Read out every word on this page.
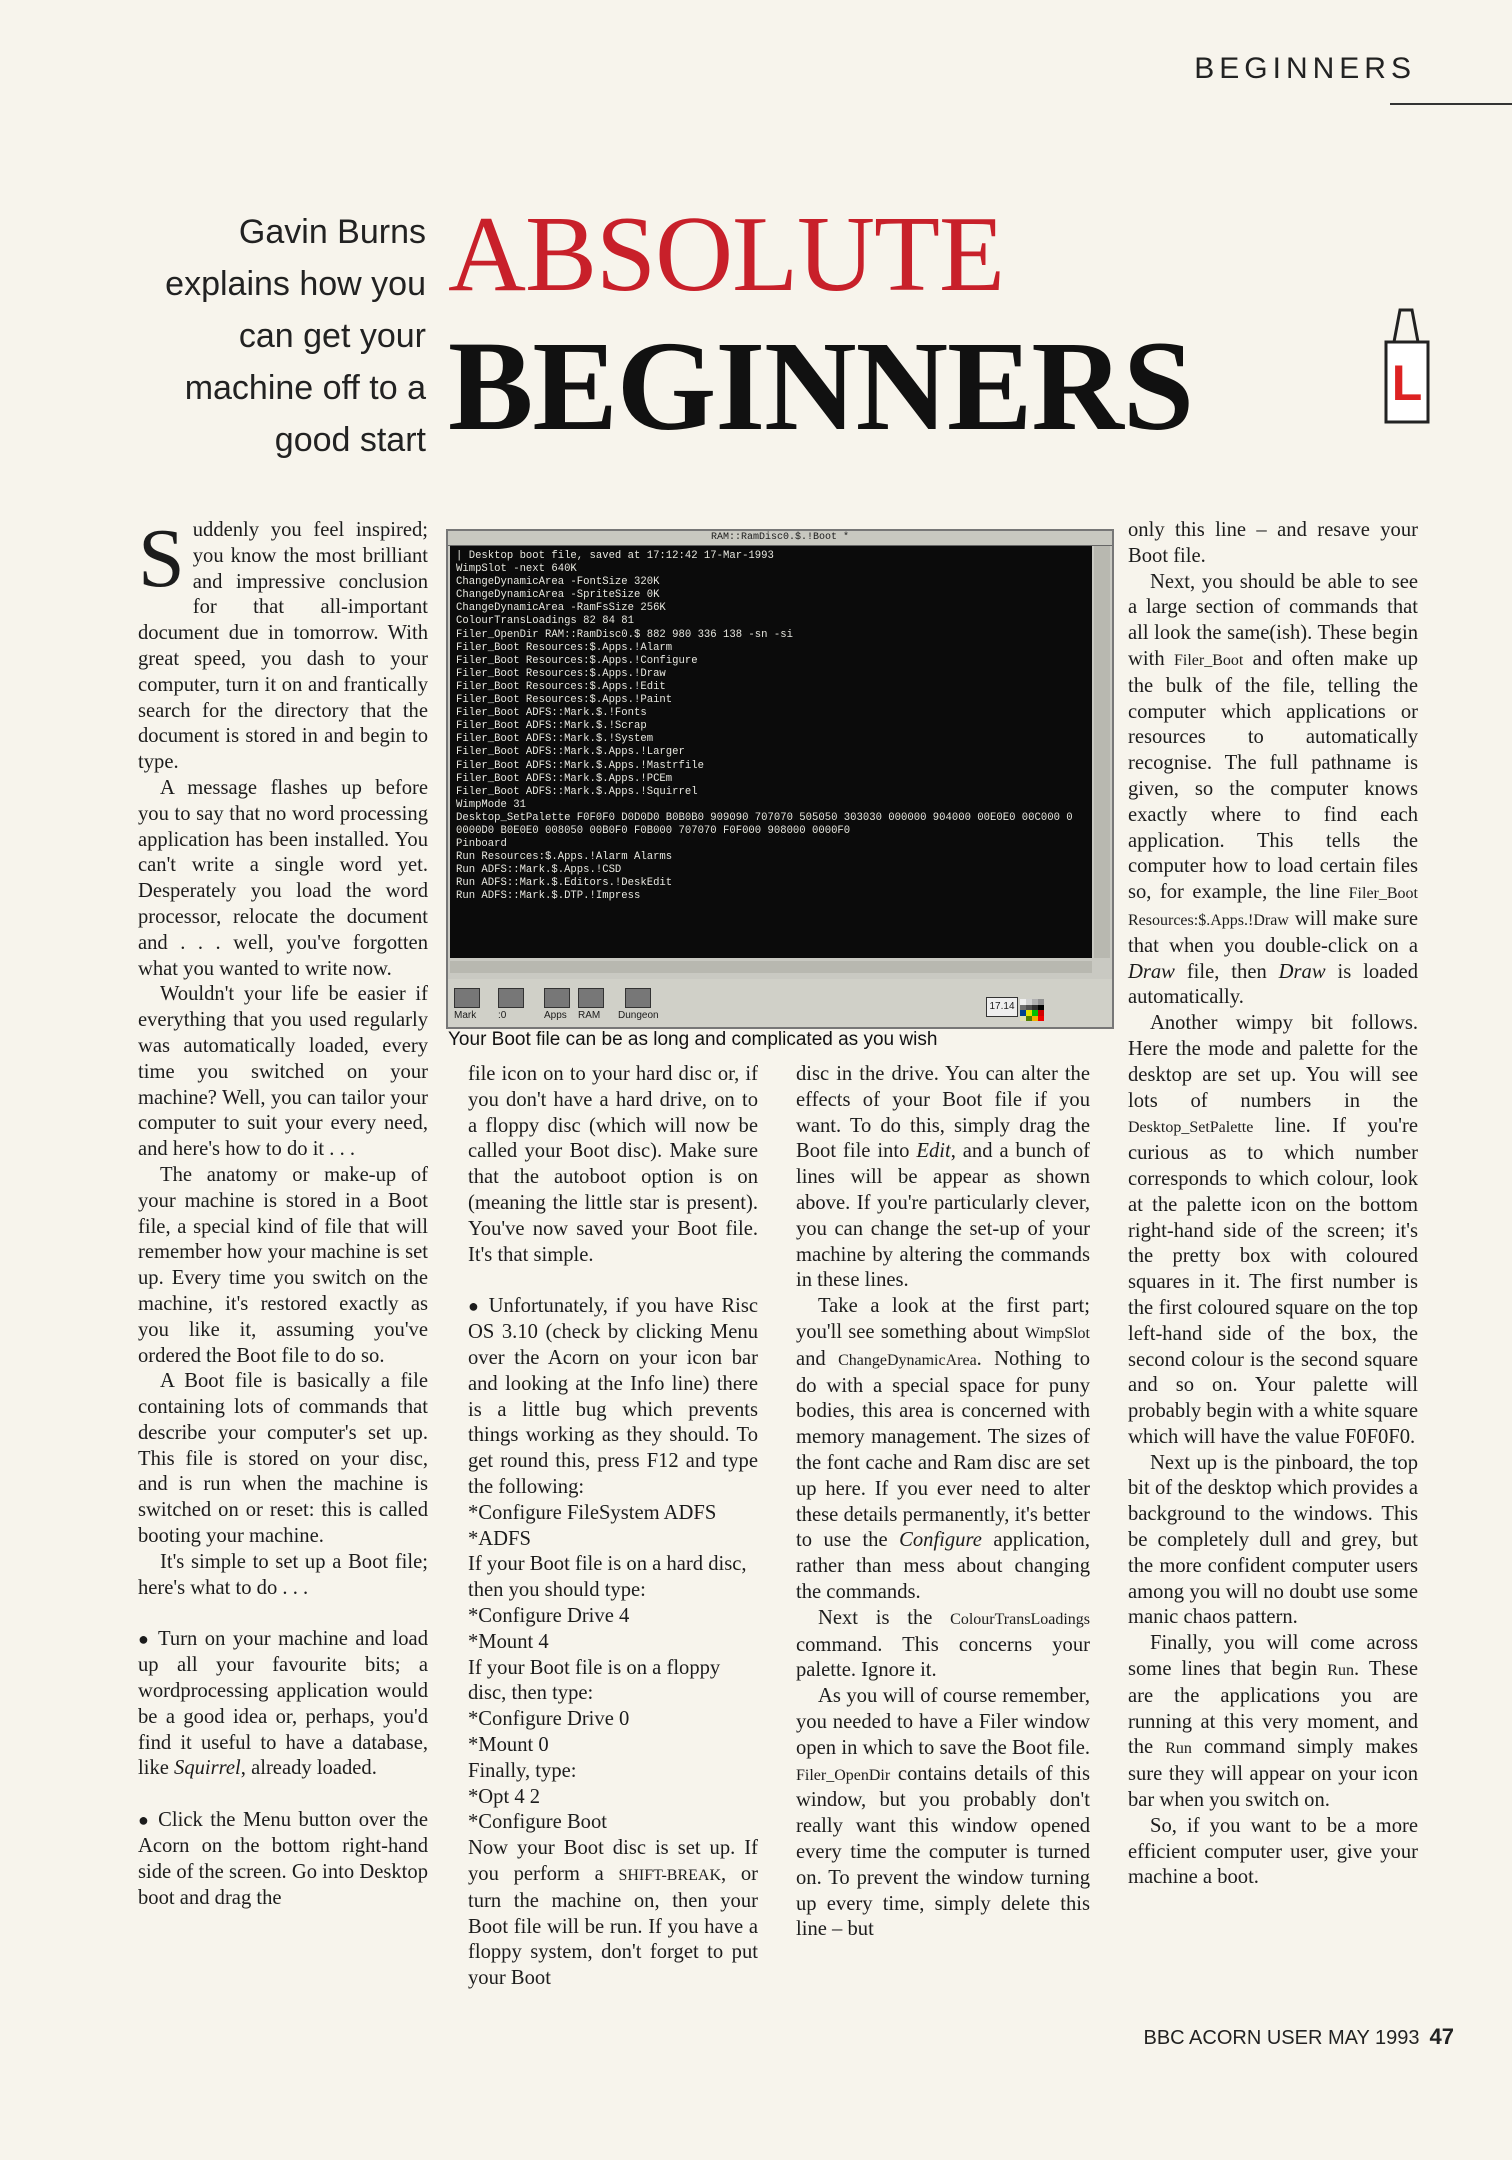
BEGINNERS
Gavin Burns explains how you can get your machine off to a good start
ABSOLUTE
BEGINNERS	L

Suddenly you feel inspired; you know the most brilliant and impressive conclusion for that all-important document due in tomorrow. With great speed, you dash to your computer, turn it on and frantically search for the directory that the document is stored in and begin to type.

A message flashes up before you to say that no word processing application has been installed. You can't write a single word yet. Desperately you load the word processor, relocate the document and . . . well, you've forgotten what you wanted to write now.

Wouldn't your life be easier if everything that you used regularly was automatically loaded, every time you switched on your machine? Well, you can tailor your computer to suit your every need, and here's how to do it . . .

The anatomy or make-up of your machine is stored in a Boot file, a special kind of file that will remember how your machine is set up. Every time you switch on the machine, it's restored exactly as you like it, assuming you've ordered the Boot file to do so.

A Boot file is basically a file containing lots of commands that describe your computer's set up. This file is stored on your disc, and is run when the machine is switched on or reset: this is called booting your machine.

It's simple to set up a Boot file; here's what to do . . .

● Turn on your machine and load up all your favourite bits; a wordprocessing application would be a good idea or, perhaps, you'd find it useful to have a database, like Squirrel, already loaded.

● Click the Menu button over the Acorn on the bottom right-hand side of the screen. Go into Desktop boot and drag the

RAM::RamDisc0.$.!Boot *
| Desktop boot file, saved at 17:12:42 17-Mar-1993
WimpSlot -next 640K
ChangeDynamicArea -FontSize 320K
ChangeDynamicArea -SpriteSize 0K
ChangeDynamicArea -RamFsSize 256K
ColourTransLoadings 82 84 81
Filer_OpenDir RAM::RamDisc0.$ 882 980 336 138 -sn -si
Filer_Boot Resources:$.Apps.!Alarm
Filer_Boot Resources:$.Apps.!Configure
Filer_Boot Resources:$.Apps.!Draw
Filer_Boot Resources:$.Apps.!Edit
Filer_Boot Resources:$.Apps.!Paint
Filer_Boot ADFS::Mark.$.!Fonts
Filer_Boot ADFS::Mark.$.!Scrap
Filer_Boot ADFS::Mark.$.!System
Filer_Boot ADFS::Mark.$.Apps.!Larger
Filer_Boot ADFS::Mark.$.Apps.!Mastrfile
Filer_Boot ADFS::Mark.$.Apps.!PCEm
Filer_Boot ADFS::Mark.$.Apps.!Squirrel
WimpMode 31
Desktop_SetPalette F0F0F0 D0D0D0 B0B0B0 909090 707070 505050 303030 000000 904000 00E0E0 00C000 0
0000D0 B0E0E0 008050 00B0F0 F0B000 707070 F0F000 908000 0000F0
Pinboard
Run Resources:$.Apps.!Alarm Alarms
Run ADFS::Mark.$.Apps.!CSD
Run ADFS::Mark.$.Editors.!DeskEdit
Run ADFS::Mark.$.DTP.!Impress
Mark	:0	Apps	RAM	Dungeon
17.14
Your Boot file can be as long and complicated as you wish

file icon on to your hard disc or, if you don't have a hard drive, on to a floppy disc (which will now be called your Boot disc). Make sure that the autoboot option is on (meaning the little star is present). You've now saved your Boot file. It's that simple.

● Unfortunately, if you have Risc OS 3.10 (check by clicking Menu over the Acorn on your icon bar and looking at the Info line) there is a little bug which prevents things working as they should. To get round this, press F12 and type the following:

*Configure FileSystem ADFS

*ADFS

If your Boot file is on a hard disc, then you should type:

*Configure Drive 4

*Mount 4

If your Boot file is on a floppy disc, then type:

*Configure Drive 0

*Mount 0

Finally, type:

*Opt 4 2

*Configure Boot

Now your Boot disc is set up. If you perform a SHIFT-BREAK, or turn the machine on, then your Boot file will be run. If you have a floppy system, don't forget to put your Boot

disc in the drive. You can alter the effects of your Boot file if you want. To do this, simply drag the Boot file into Edit, and a bunch of lines will be appear as shown above. If you're particularly clever, you can change the set-up of your machine by altering the commands in these lines.

Take a look at the first part; you'll see something about WimpSlot and ChangeDynamicArea. Nothing to do with a special space for puny bodies, this area is concerned with memory management. The sizes of the font cache and Ram disc are set up here. If you ever need to alter these details permanently, it's better to use the Configure application, rather than mess about changing the commands.

Next is the ColourTransLoadings command. This concerns your palette. Ignore it.

As you will of course remember, you needed to have a Filer window open in which to save the Boot file. Filer_OpenDir contains details of this window, but you probably don't really want this window opened every time the computer is turned on. To prevent the window turning up every time, simply delete this line – but

only this line – and resave your Boot file.

Next, you should be able to see a large section of commands that all look the same(ish). These begin with Filer_Boot and often make up the bulk of the file, telling the computer which applications or resources to automatically recognise. The full pathname is given, so the computer knows exactly where to find each application. This tells the computer how to load certain files so, for example, the line Filer_Boot Resources:$.Apps.!Draw will make sure that when you double-click on a Draw file, then Draw is loaded automatically.

Another wimpy bit follows. Here the mode and palette for the desktop are set up. You will see lots of numbers in the Desktop_SetPalette line. If you're curious as to which number corresponds to which colour, look at the palette icon on the bottom right-hand side of the screen; it's the pretty box with coloured squares in it. The first number is the first coloured square on the top left-hand side of the box, the second colour is the second square and so on. Your palette will probably begin with a white square which will have the value F0F0F0.

Next up is the pinboard, the top bit of the desktop which provides a background to the windows. This be completely dull and grey, but the more confident computer users among you will no doubt use some manic chaos pattern.

Finally, you will come across some lines that begin Run. These are the applications you are running at this very moment, and the Run command simply makes sure they will appear on your icon bar when you switch on.

So, if you want to be a more efficient computer user, give your machine a boot.

BBC ACORN USER MAY 1993 47
